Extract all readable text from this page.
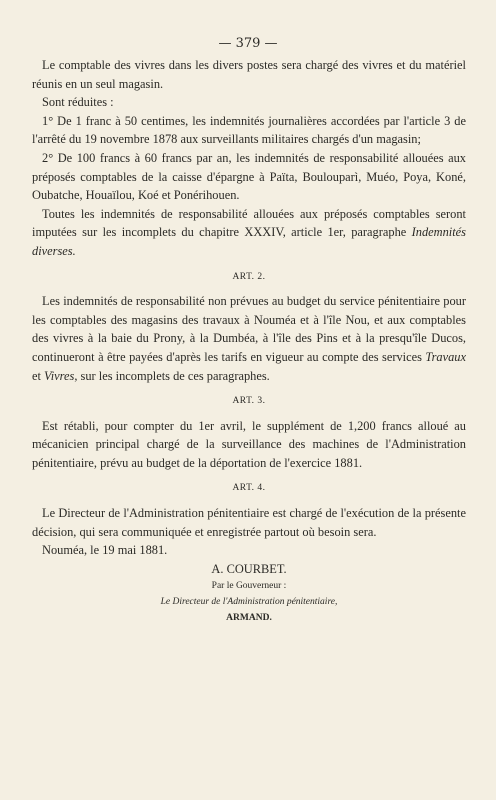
— 379 —

Le comptable des vivres dans les divers postes sera chargé des vivres et du matériel réunis en un seul magasin.

Sont réduites :

1° De 1 franc à 50 centimes, les indemnités journalières accordées par l'article 3 de l'arrêté du 19 novembre 1878 aux surveillants militaires chargés d'un magasin;

2° De 100 francs à 60 francs par an, les indemnités de responsabilité allouées aux préposés comptables de la caisse d'épargne à Païta, Boulouparì, Muéo, Poya, Koné, Oubatche, Houaïlou, Koé et Ponérihouen.

Toutes les indemnités de responsabilité allouées aux préposés comptables seront imputées sur les incomplets du chapitre XXXIV, article 1er, paragraphe Indemnités diverses.

ART. 2.

Les indemnités de responsabilité non prévues au budget du service pénitentiaire pour les comptables des magasins des travaux à Nouméa et à l'île Nou, et aux comptables des vivres à la baie du Prony, à la Dumbéa, à l'île des Pins et à la presqu'île Ducos, continueront à être payées d'après les tarifs en vigueur au compte des services Travaux et Vivres, sur les incomplets de ces paragraphes.

ART. 3.

Est rétabli, pour compter du 1er avril, le supplément de 1,200 francs alloué au mécanicien principal chargé de la surveillance des machines de l'Administration pénitentiaire, prévu au budget de la déportation de l'exercice 1881.

ART. 4.

Le Directeur de l'Administration pénitentiaire est chargé de l'exécution de la présente décision, qui sera communiquée et enregistrée partout où besoin sera.

Nouméa, le 19 mai 1881.

A. COURBET.

Par le Gouverneur :

Le Directeur de l'Administration pénitentiaire,

ARMAND.
